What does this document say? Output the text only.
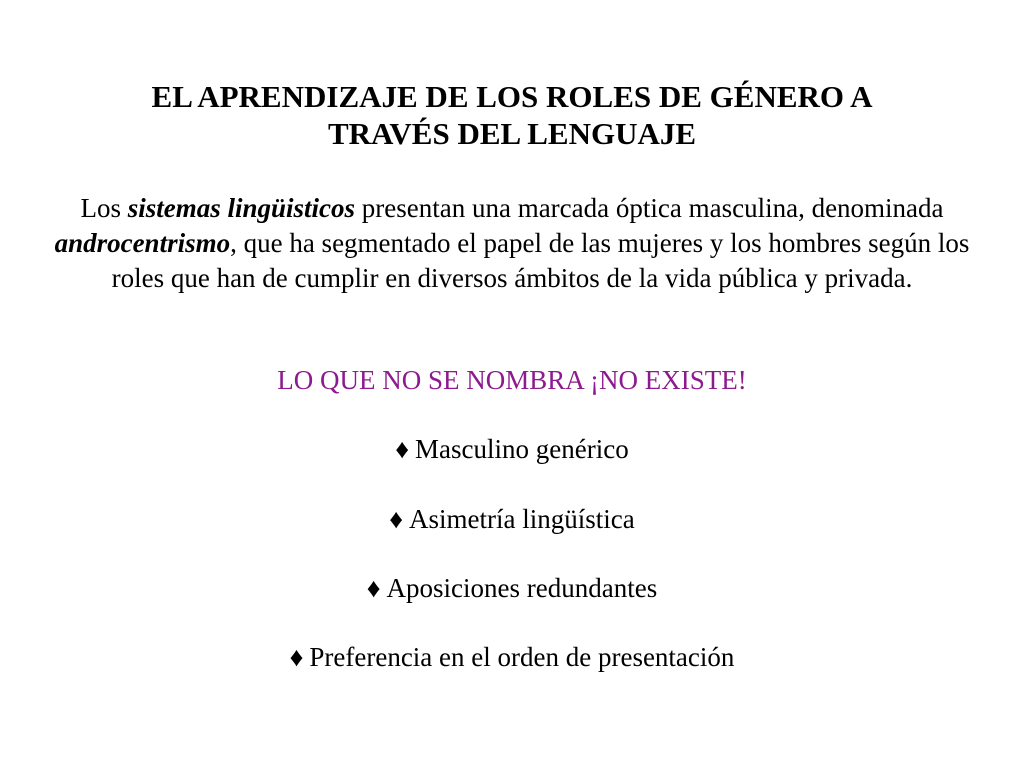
EL APRENDIZAJE DE LOS ROLES DE GÉNERO A
TRAVÉS DEL LENGUAJE

Los sistemas lingüisticos presentan una marcada óptica masculina, denominada androcentrismo, que ha segmentado el papel de las mujeres y los hombres según los roles que han de cumplir en diversos ámbitos de la vida pública y privada.

LO QUE NO SE NOMBRA ¡NO EXISTE!

♦ Masculino genérico

♦ Asimetría lingüística

♦ Aposiciones redundantes

♦ Preferencia en el orden de presentación
